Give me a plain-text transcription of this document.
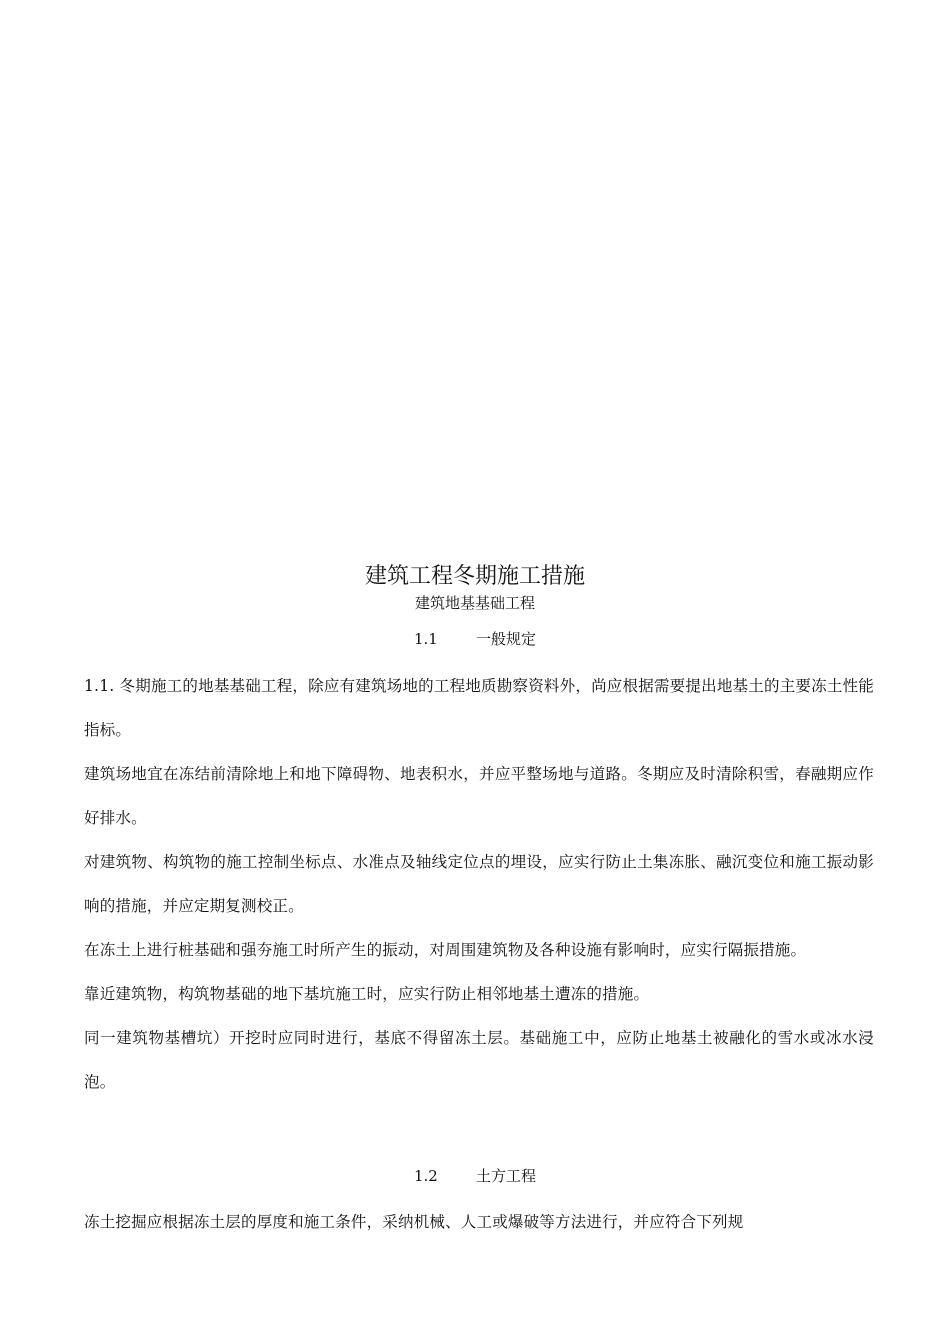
建筑工程冬期施工措施
建筑地基基础工程
1.1	一般规定

1.1. 冬期施工的地基基础工程，除应有建筑场地的工程地质勘察资料外，尚应根据需要提出地基土的主要冻土性能指标。

建筑场地宜在冻结前清除地上和地下障碍物、地表积水，并应平整场地与道路。冬期应及时清除积雪，春融期应作好排水。

对建筑物、构筑物的施工控制坐标点、水准点及轴线定位点的埋设，应实行防止土集冻胀、融沉变位和施工振动影响的措施，并应定期复测校正。

在冻土上进行桩基础和强夯施工时所产生的振动，对周围建筑物及各种设施有影响时，应实行隔振措施。

靠近建筑物，构筑物基础的地下基坑施工时，应实行防止相邻地基土遭冻的措施。

同一建筑物基槽坑）开挖时应同时进行，基底不得留冻土层。基础施工中，应防止地基土被融化的雪水或冰水浸泡。

1.2	土方工程

冻土挖掘应根据冻土层的厚度和施工条件，采纳机械、人工或爆破等方法进行，并应符合下列规
